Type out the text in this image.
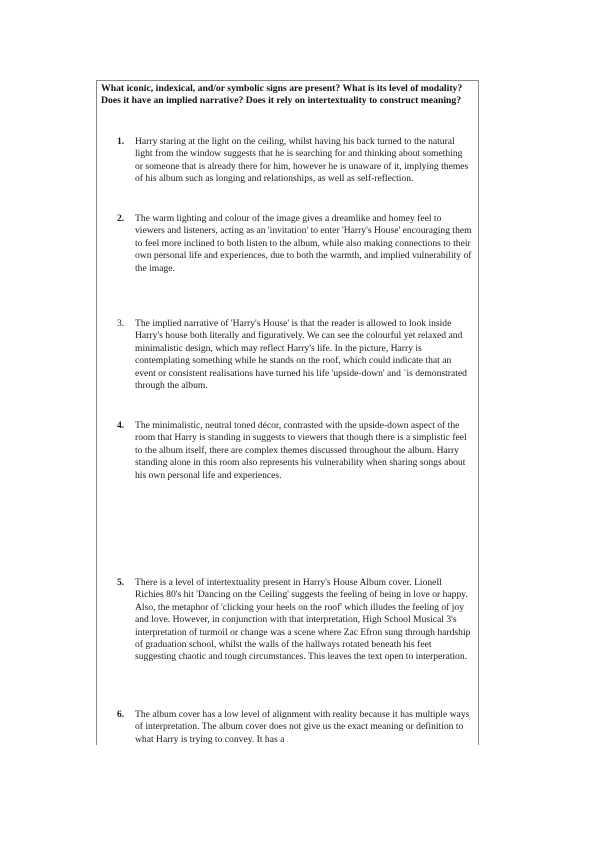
What iconic, indexical, and/or symbolic signs are present? What is its level of modality? Does it have an implied narrative? Does it rely on intertextuality to construct meaning?

1.	Harry staring at the light on the ceiling, whilst having his back turned to the natural light from the window suggests that he is searching for and thinking about something or someone that is already there for him, however he is unaware of it, implying themes of his album such as longing and relationships, as well as self-reflection.
2.	The warm lighting and colour of the image gives a dreamlike and homey feel to viewers and listeners, acting as an 'invitation' to enter 'Harry's House' encouraging them to feel more inclined to both listen to the album, while also making connections to their own personal life and experiences, due to both the warmth, and implied vulnerability of the image.
3.	The implied narrative of 'Harry's House' is that the reader is allowed to look inside Harry's house both literally and figuratively. We can see the colourful yet relaxed and minimalistic design, which may reflect Harry's life. In the picture, Harry is contemplating something while he stands on the roof, which could indicate that an event or consistent realisations have turned his life 'upside-down' and `is demonstrated through the album.
4.	The minimalistic, neutral toned décor, contrasted with the upside-down aspect of the room that Harry is standing in suggests to viewers that though there is a simplistic feel to the album itself, there are complex themes discussed throughout the album. Harry standing alone in this room also represents his vulnerability when sharing songs about his own personal life and experiences.
5.	There is a level of intertextuality present in Harry's House Album cover. Lionell Richies 80's hit 'Dancing on the Ceiling' suggests the feeling of being in love or happy. Also, the metaphor of 'clicking your heels on the roof' which illudes the feeling of joy and love. However, in conjunction with that interpretation, High School Musical 3's interpretation of turmoil or change was a scene where Zac Efron sung through hardship of graduation school, whilst the walls of the hallways rotated beneath his feet suggesting chaotic and tough circumstances. This leaves the text open to interperation.
6.	The album cover has a low level of alignment with reality because it has multiple ways of interpretation. The album cover does not give us the exact meaning or definition to what Harry is trying to convey. It has a
